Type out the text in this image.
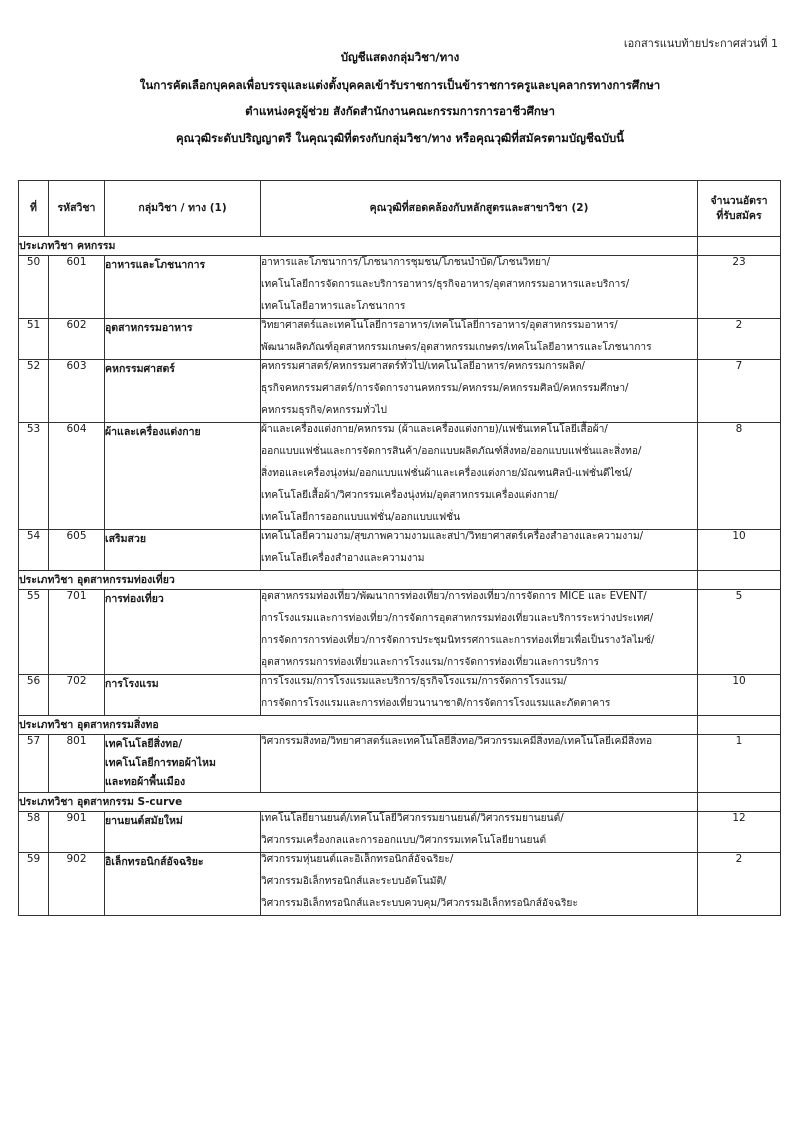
เอกสารแนบท้ายประกาศส่วนที่ 1
บัญชีแสดงกลุ่มวิชา/ทาง
ในการคัดเลือกบุคคลเพื่อบรรจุและแต่งตั้งบุคคลเข้ารับราชการเป็นข้าราชการครูและบุคลากรทางการศึกษา
ตำแหน่งครูผู้ช่วย สังกัดสำนักงานคณะกรรมการการอาชีวศึกษา
คุณวุฒิระดับปริญญาตรี ในคุณวุฒิที่ตรงกับกลุ่มวิชา/ทาง หรือคุณวุฒิที่สมัครตามบัญชีฉบับนี้
ที่	รหัสวิชา	กลุ่มวิชา / ทาง (1)	คุณวุฒิที่สอดคล้องกับหลักสูตรและสาขาวิชา (2)	จำนวนอัตรา
ที่รับสมัคร

ประเภทวิชา คหกรรม				
50	601	อาหารและโภชนาการ	อาหารและโภชนาการ/โภชนาการชุมชน/โภชนบำบัด/โภชนวิทยา/
เทคโนโลยีการจัดการและบริการอาหาร/ธุรกิจอาหาร/อุตสาหกรรมอาหารและบริการ/
เทคโนโลยีอาหารและโภชนาการ	23
51	602	อุตสาหกรรมอาหาร	วิทยาศาสตร์และเทคโนโลยีการอาหาร/เทคโนโลยีการอาหาร/อุตสาหกรรมอาหาร/
พัฒนาผลิตภัณฑ์อุตสาหกรรมเกษตร/อุตสาหกรรมเกษตร/เทคโนโลยีอาหารและโภชนาการ	2
52	603	คหกรรมศาสตร์	คหกรรมศาสตร์/คหกรรมศาสตร์ทั่วไป/เทคโนโลยีอาหาร/คหกรรมการผลิต/
ธุรกิจคหกรรมศาสตร์/การจัดการงานคหกรรม/คหกรรม/คหกรรมศิลป์/คหกรรมศึกษา/
คหกรรมธุรกิจ/คหกรรมทั่วไป	7
53	604	ผ้าและเครื่องแต่งกาย	ผ้าและเครื่องแต่งกาย/คหกรรม (ผ้าและเครื่องแต่งกาย)/แฟชั่นเทคโนโลยีเสื้อผ้า/
ออกแบบแฟชั่นและการจัดการสินค้า/ออกแบบผลิตภัณฑ์สิ่งทอ/ออกแบบแฟชั่นและสิ่งทอ/
สิ่งทอและเครื่องนุ่งห่ม/ออกแบบแฟชั่นผ้าและเครื่องแต่งกาย/มัณฑนศิลป์-แฟชั่นดีไซน์/
เทคโนโลยีเสื้อผ้า/วิศวกรรมเครื่องนุ่งห่ม/อุตสาหกรรมเครื่องแต่งกาย/
เทคโนโลยีการออกแบบแฟชั่น/ออกแบบแฟชั่น	8
54	605	เสริมสวย	เทคโนโลยีความงาม/สุขภาพความงามและสปา/วิทยาศาสตร์เครื่องสำอางและความงาม/
เทคโนโลยีเครื่องสำอางและความงาม	10
ประเภทวิชา อุตสาหกรรมท่องเที่ยว				
55	701	การท่องเที่ยว	อุตสาหกรรมท่องเที่ยว/พัฒนาการท่องเที่ยว/การท่องเที่ยว/การจัดการ MICE และ EVENT/
การโรงแรมและการท่องเที่ยว/การจัดการอุตสาหกรรมท่องเที่ยวและบริการระหว่างประเทศ/
การจัดการการท่องเที่ยว/การจัดการประชุมนิทรรศการและการท่องเที่ยวเพื่อเป็นรางวัลไมซ์/
อุตสาหกรรมการท่องเที่ยวและการโรงแรม/การจัดการท่องเที่ยวและการบริการ	5
56	702	การโรงแรม	การโรงแรม/การโรงแรมและบริการ/ธุรกิจโรงแรม/การจัดการโรงแรม/
การจัดการโรงแรมและการท่องเที่ยวนานาชาติ/การจัดการโรงแรมและภัตตาคาร	10
ประเภทวิชา อุตสาหกรรมสิ่งทอ				
57	801	เทคโนโลยีสิ่งทอ/
เทคโนโลยีการทอผ้าไหม
และทอผ้าพื้นเมือง	วิศวกรรมสิ่งทอ/วิทยาศาสตร์และเทคโนโลยีสิ่งทอ/วิศวกรรมเคมีสิ่งทอ/เทคโนโลยีเคมีสิ่งทอ	1
ประเภทวิชา อุตสาหกรรม S-curve				
58	901	ยานยนต์สมัยใหม่	เทคโนโลยียานยนต์/เทคโนโลยีวิศวกรรมยานยนต์/วิศวกรรมยานยนต์/
วิศวกรรมเครื่องกลและการออกแบบ/วิศวกรรมเทคโนโลยียานยนต์	12
59	902	อิเล็กทรอนิกส์อัจฉริยะ	วิศวกรรมหุ่นยนต์และอิเล็กทรอนิกส์อัจฉริยะ/
วิศวกรรมอิเล็กทรอนิกส์และระบบอัตโนมัติ/
วิศวกรรมอิเล็กทรอนิกส์และระบบควบคุม/วิศวกรรมอิเล็กทรอนิกส์อัจฉริยะ	2
